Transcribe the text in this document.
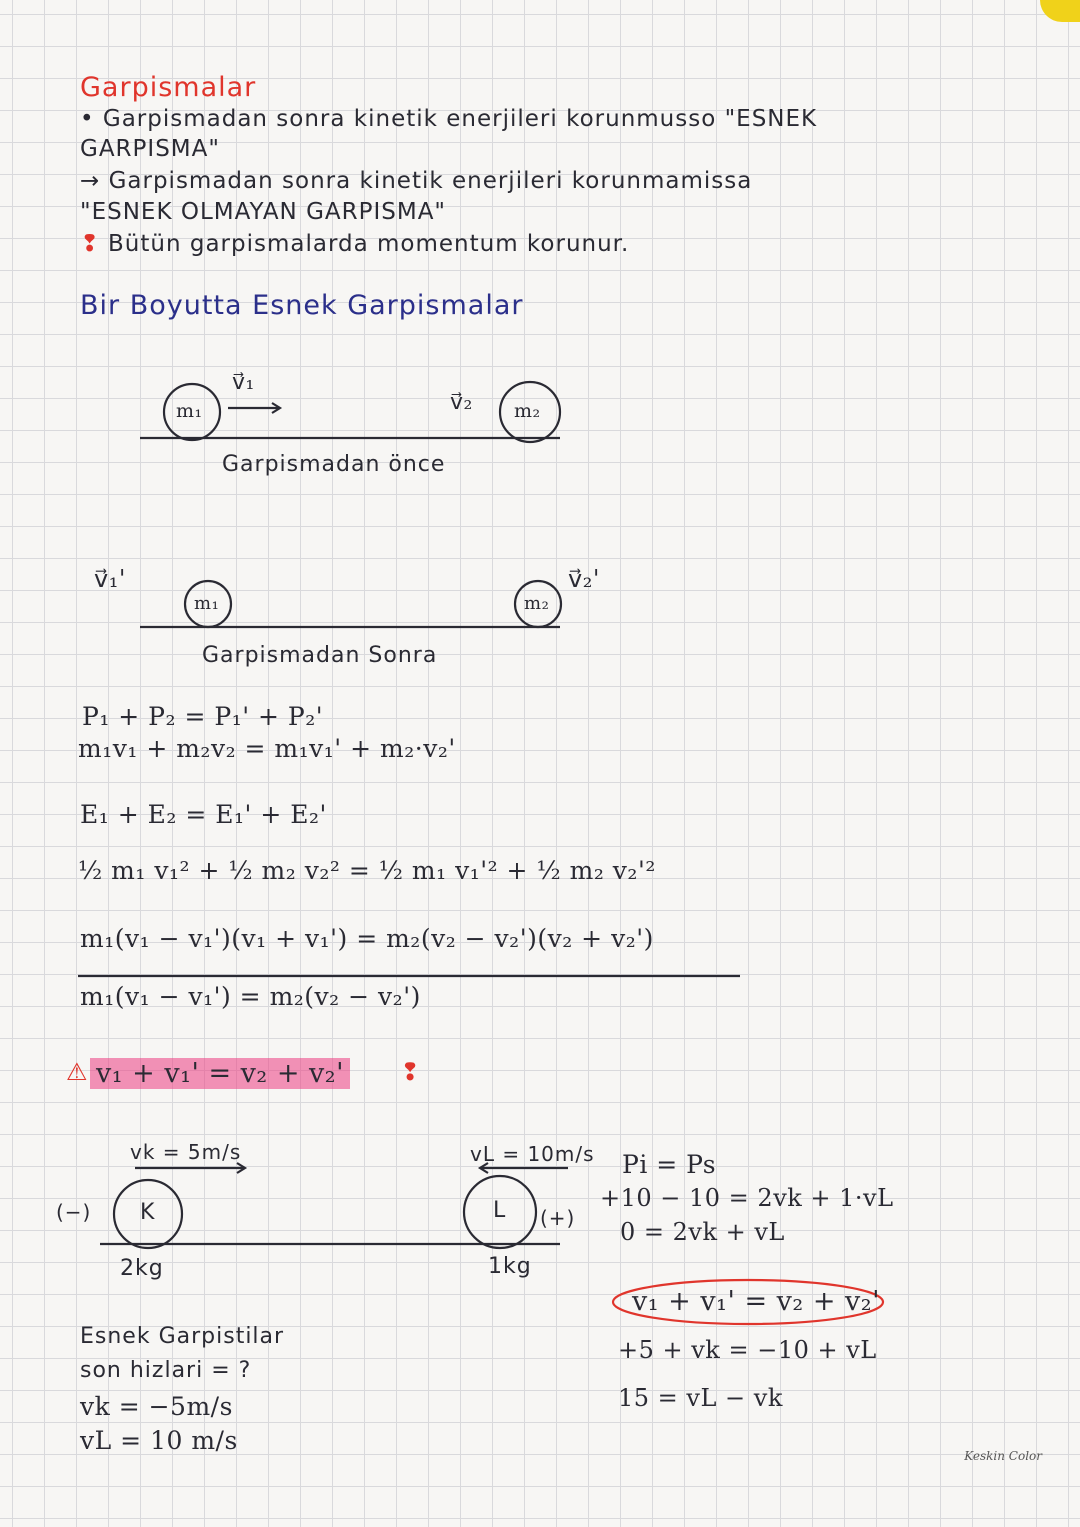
Garpismalar
• Garpismadan sonra kinetik enerjileri korunmusso "ESNEK
GARPISMA"
→ Garpismadan sonra kinetik enerjileri korunmamissa
"ESNEK OLMAYAN GARPISMA"
❢ Bütün garpismalarda momentum korunur.
Bir Boyutta Esnek Garpismalar
m₁
v⃗₁
m₂
v⃗₂
Garpismadan önce
v⃗₁'
m₁	m₂
v⃗₂'
Garpismadan Sonra
P₁ + P₂ = P₁' + P₂'
m₁v₁ + m₂v₂ = m₁v₁' + m₂·v₂'
E₁ + E₂ = E₁' + E₂'
½ m₁ v₁² + ½ m₂ v₂² = ½ m₁ v₁'² + ½ m₂ v₂'²
m₁(v₁ − v₁')(v₁ + v₁') = m₂(v₂ − v₂')(v₂ + v₂')
m₁(v₁ − v₁') = m₂(v₂ − v₂')
⚠ v₁ + v₁' = v₂ + v₂' ❢
vk = 5m/s	vL = 10m/s
(−) K	L (+)
2kg	1kg
Esnek Garpistilar
son hizlari = ?
vk = −5m/s
vL = 10 m/s
Pi = Ps
+10 − 10 = 2vk + 1·vL
0 = 2vk + vL
v₁ + v₁' = v₂ + v₂'
+5 + vk = −10 + vL
15 = vL − vk
Keskin Color
